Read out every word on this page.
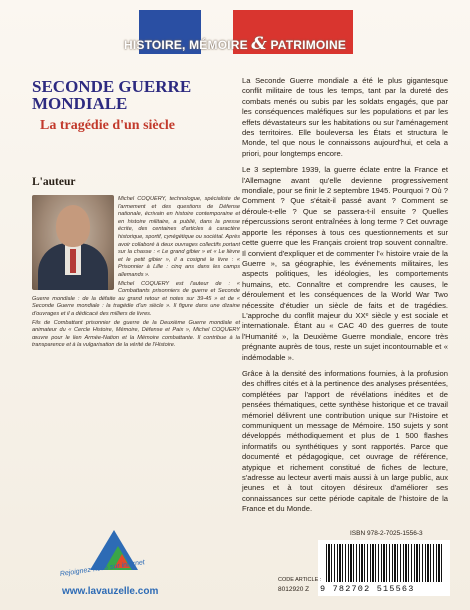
HISTOIRE, MÉMOIRE & PATRIMOINE
SECONDE GUERRE MONDIALE
La tragédie d'un siècle
L'auteur

Michel COQUERY, technologue, spécialiste de l'armement et des questions de Défense nationale, écrivain en histoire contemporaine et en histoire militaire, a publié, dans la presse écrite, des centaines d'articles à caractère historique, sportif, cynégétique ou sociétal. Après avoir collaboré à deux ouvrages collectifs portant sur la chasse : « Le grand gibier » et « Le lièvre et le petit gibier », il a cosigné le livre : « Prisonnier à Lille : cinq ans dans les camps allemands ».

Michel COQUERY est l'auteur de : « Combattants prisonniers de guerre et Seconde Guerre mondiale : de la défaite au grand retour et notes sur 39-45 » et de « Seconde Guerre mondiale : la tragédie d'un siècle ». Il figure dans une dizaine d'ouvrages et il a dédicacé des milliers de livres.

Fils de Combattant prisonnier de guerre de la Deuxième Guerre mondiale et animateur du « Cercle Histoire, Mémoire, Défense et Paix », Michel COQUERY œuvre pour le lien Armée-Nation et la Mémoire combattante. Il contribue à la transparence et à la vulgarisation de la vérité de l'Histoire.

Rejoignez-nous sur internet
www.lavauzelle.com

La Seconde Guerre mondiale a été le plus gigantesque conflit militaire de tous les temps, tant par la dureté des combats menés ou subis par les soldats engagés, que par les conséquences maléfiques sur les populations et par les effets dévastateurs sur les habitations ou sur l'aménagement des territoires. Elle bouleversa les États et structura le Monde, tel que nous le connaissons aujourd'hui, et cela a priori, pour longtemps encore.

Le 3 septembre 1939, la guerre éclate entre la France et l'Allemagne avant qu'elle devienne progressivement mondiale, pour se finir le 2 septembre 1945. Pourquoi ? Où ? Comment ? Que s'était-il passé avant ? Comment se déroule-t-elle ? Que se passera-t-il ensuite ? Quelles répercussions seront entraînées à long terme ? Cet ouvrage apporte les réponses à tous ces questionnements et sur cette guerre que les Français croient trop souvent connaître. Il convient d'expliquer et de commenter l'« histoire vraie de la Guerre », sa géographie, les événements militaires, les aspects politiques, les idéologies, les comportements humains, etc. Connaître et comprendre les causes, le déroulement et les conséquences de la World War Two nécessite d'étudier un siècle de faits et de tragédies. L'approche du conflit majeur du XXᵉ siècle y est sociale et internationale. Étant au « CAC 40 des guerres de toute l'Humanité », la Deuxième Guerre mondiale, encore très prégnante auprès de tous, reste un sujet incontournable et « indémodable ».

Grâce à la densité des informations fournies, à la profusion des chiffres cités et à la pertinence des analyses présentées, complétées par l'apport de révélations inédites et de pensées thématiques, cette synthèse historique et ce travail mémoriel délivrent une contribution unique sur l'Histoire et communiquent un message de Mémoire. 150 sujets y sont développés méthodiquement et plus de 1 500 flashes informatifs ou synthétiques y sont rapportés. Parce que documenté et pédagogique, cet ouvrage de référence, atypique et richement constitué de fiches de lecture, s'adresse au lecteur averti mais aussi à un large public, aux jeunes et à tout citoyen désireux d'améliorer ses connaissances sur cette période capitale de l'histoire de la France et du Monde.

ISBN 978-2-7025-1556-3
9 782702 515563
CODE ARTICLE :
8012920 Z
